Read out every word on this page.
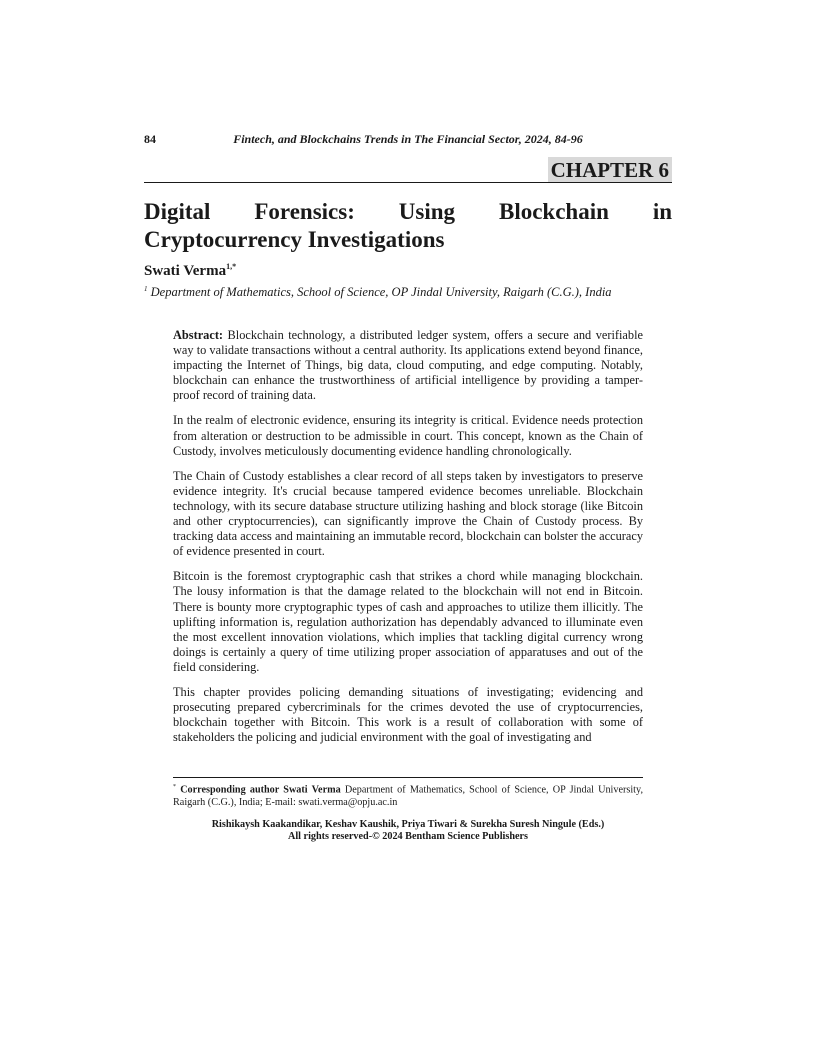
84	Fintech, and Blockchains Trends in The Financial Sector, 2024, 84-96
CHAPTER 6
Digital Forensics: Using Blockchain in
Cryptocurrency Investigations
Swati Verma$^{1,*}$
$^1$ Department of Mathematics, School of Science, OP Jindal University, Raigarh (C.G.), India

Abstract: Blockchain technology, a distributed ledger system, offers a secure and verifiable way to validate transactions without a central authority. Its applications extend beyond finance, impacting the Internet of Things, big data, cloud computing, and edge computing. Notably, blockchain can enhance the trustworthiness of artificial intelligence by providing a tamper-proof record of training data.

In the realm of electronic evidence, ensuring its integrity is critical. Evidence needs protection from alteration or destruction to be admissible in court. This concept, known as the Chain of Custody, involves meticulously documenting evidence handling chronologically.

The Chain of Custody establishes a clear record of all steps taken by investigators to preserve evidence integrity. It's crucial because tampered evidence becomes unreliable. Blockchain technology, with its secure database structure utilizing hashing and block storage (like Bitcoin and other cryptocurrencies), can significantly improve the Chain of Custody process. By tracking data access and maintaining an immutable record, blockchain can bolster the accuracy of evidence presented in court.

Bitcoin is the foremost cryptographic cash that strikes a chord while managing blockchain. The lousy information is that the damage related to the blockchain will not end in Bitcoin. There is bounty more cryptographic types of cash and approaches to utilize them illicitly. The uplifting information is, regulation authorization has dependably advanced to illuminate even the most excellent innovation violations, which implies that tackling digital currency wrong doings is certainly a query of time utilizing proper association of apparatuses and out of the field considering.

This chapter provides policing demanding situations of investigating; evidencing and prosecuting prepared cybercriminals for the crimes devoted the use of cryptocurrencies, blockchain together with Bitcoin. This work is a result of collaboration with some of stakeholders the policing and judicial environment with the goal of investigating and

* Corresponding author Swati Verma Department of Mathematics, School of Science, OP Jindal University, Raigarh (C.G.), India; E-mail: swati.verma@opju.ac.in
Rishikaysh Kaakandikar, Keshav Kaushik, Priya Tiwari & Surekha Suresh Ningule (Eds.)
All rights reserved-© 2024 Bentham Science Publishers
